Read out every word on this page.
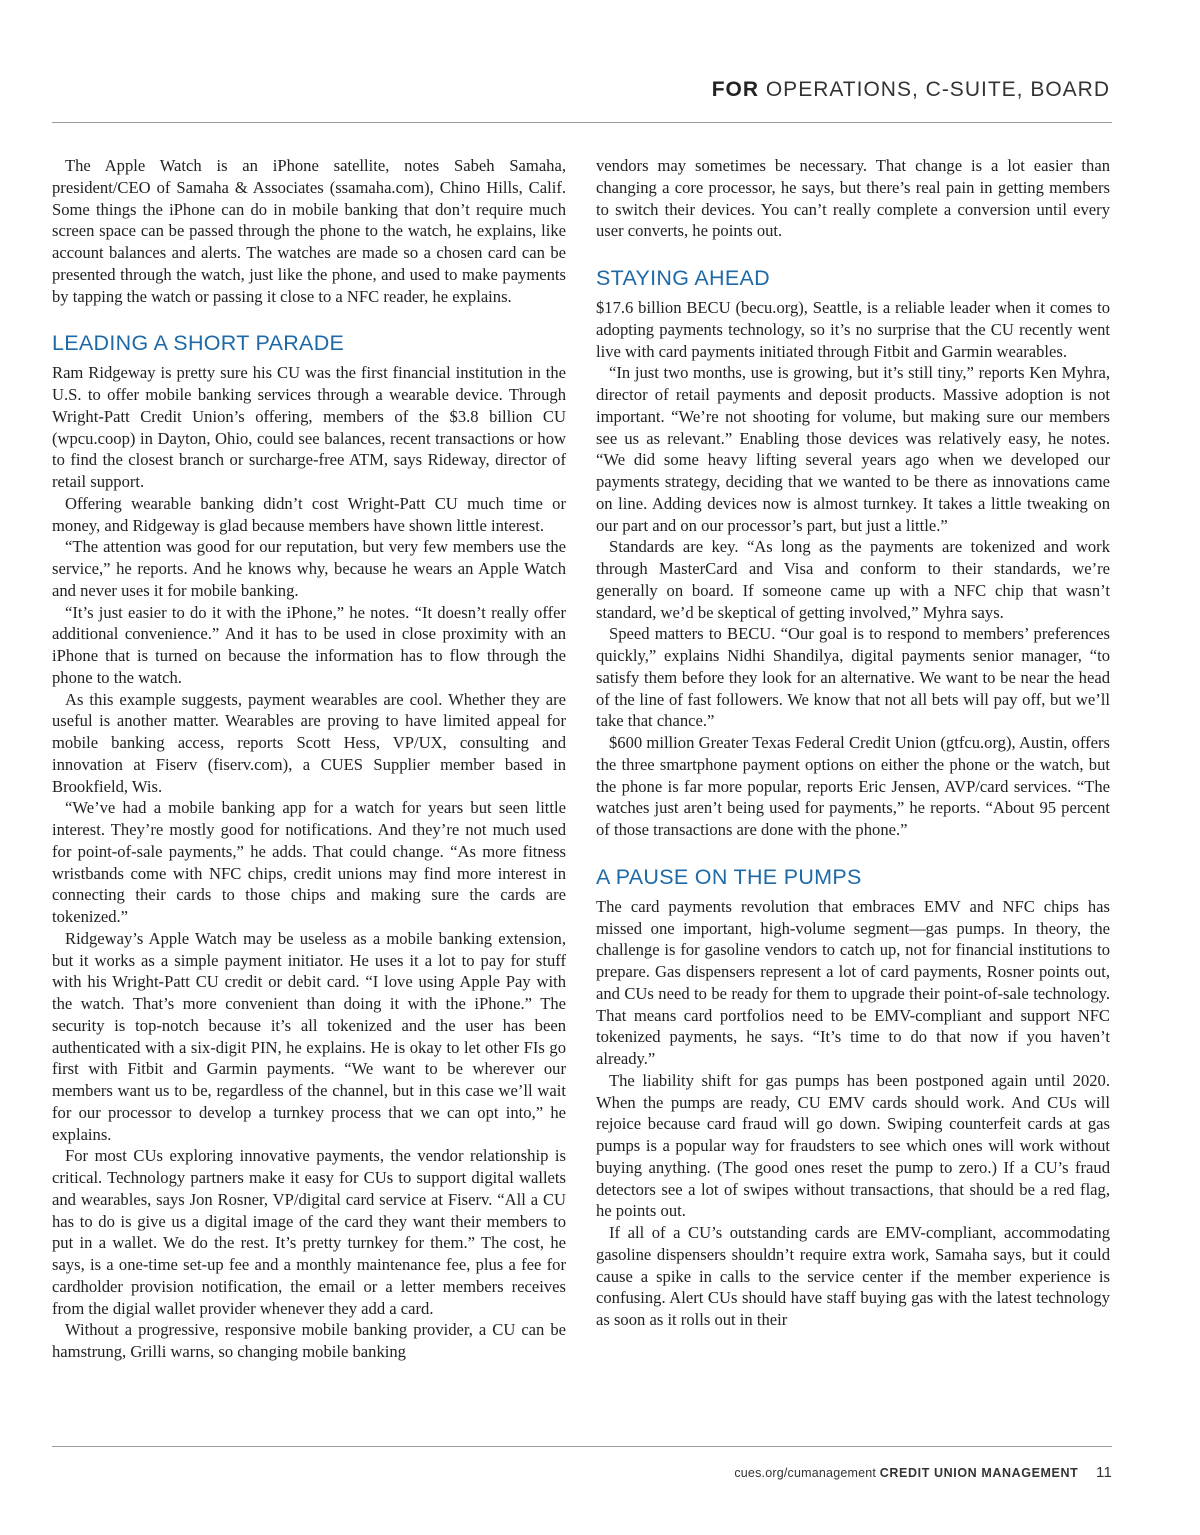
FOR OPERATIONS, C-SUITE, BOARD

The Apple Watch is an iPhone satellite, notes Sabeh Samaha, president/CEO of Samaha & Associates (ssamaha.com), Chino Hills, Calif. Some things the iPhone can do in mobile banking that don’t require much screen space can be passed through the phone to the watch, he explains, like account balances and alerts. The watches are made so a chosen card can be presented through the watch, just like the phone, and used to make payments by tapping the watch or passing it close to a NFC reader, he explains.

LEADING A SHORT PARADE

Ram Ridgeway is pretty sure his CU was the first financial institution in the U.S. to offer mobile banking services through a wearable device. Through Wright-Patt Credit Union’s offering, members of the $3.8 billion CU (wpcu.coop) in Dayton, Ohio, could see balances, recent transactions or how to find the closest branch or surcharge-free ATM, says Rideway, director of retail support.

Offering wearable banking didn’t cost Wright-Patt CU much time or money, and Ridgeway is glad because members have shown little interest.

“The attention was good for our reputation, but very few members use the service,” he reports. And he knows why, because he wears an Apple Watch and never uses it for mobile banking.

“It’s just easier to do it with the iPhone,” he notes. “It doesn’t really offer additional convenience.” And it has to be used in close proximity with an iPhone that is turned on because the information has to flow through the phone to the watch.

As this example suggests, payment wearables are cool. Whether they are useful is another matter. Wearables are proving to have limited appeal for mobile banking access, reports Scott Hess, VP/UX, consulting and innovation at Fiserv (fiserv.com), a CUES Supplier member based in Brookfield, Wis.

“We’ve had a mobile banking app for a watch for years but seen little interest. They’re mostly good for notifications. And they’re not much used for point-of-sale payments,” he adds. That could change. “As more fitness wristbands come with NFC chips, credit unions may find more interest in connecting their cards to those chips and making sure the cards are tokenized.”

Ridgeway’s Apple Watch may be useless as a mobile banking extension, but it works as a simple payment initiator. He uses it a lot to pay for stuff with his Wright-Patt CU credit or debit card. “I love using Apple Pay with the watch. That’s more convenient than doing it with the iPhone.” The security is top-notch because it’s all tokenized and the user has been authenticated with a six-digit PIN, he explains. He is okay to let other FIs go first with Fitbit and Garmin payments. “We want to be wherever our members want us to be, regardless of the channel, but in this case we’ll wait for our processor to develop a turnkey process that we can opt into,” he explains.

For most CUs exploring innovative payments, the vendor relationship is critical. Technology partners make it easy for CUs to support digital wallets and wearables, says Jon Rosner, VP/digital card service at Fiserv. “All a CU has to do is give us a digital image of the card they want their members to put in a wallet. We do the rest. It’s pretty turnkey for them.” The cost, he says, is a one-time set-up fee and a monthly maintenance fee, plus a fee for cardholder provision notification, the email or a letter members receives from the digial wallet provider whenever they add a card.

Without a progressive, responsive mobile banking provider, a CU can be hamstrung, Grilli warns, so changing mobile banking

vendors may sometimes be necessary. That change is a lot easier than changing a core processor, he says, but there’s real pain in getting members to switch their devices. You can’t really complete a conversion until every user converts, he points out.

STAYING AHEAD

$17.6 billion BECU (becu.org), Seattle, is a reliable leader when it comes to adopting payments technology, so it’s no surprise that the CU recently went live with card payments initiated through Fitbit and Garmin wearables.

“In just two months, use is growing, but it’s still tiny,” reports Ken Myhra, director of retail payments and deposit products. Massive adoption is not important. “We’re not shooting for volume, but making sure our members see us as relevant.” Enabling those devices was relatively easy, he notes. “We did some heavy lifting several years ago when we developed our payments strategy, deciding that we wanted to be there as innovations came on line. Adding devices now is almost turnkey. It takes a little tweaking on our part and on our processor’s part, but just a little.”

Standards are key. “As long as the payments are tokenized and work through MasterCard and Visa and conform to their standards, we’re generally on board. If someone came up with a NFC chip that wasn’t standard, we’d be skeptical of getting involved,” Myhra says.

Speed matters to BECU. “Our goal is to respond to members’ preferences quickly,” explains Nidhi Shandilya, digital payments senior manager, “to satisfy them before they look for an alternative. We want to be near the head of the line of fast followers. We know that not all bets will pay off, but we’ll take that chance.”

$600 million Greater Texas Federal Credit Union (gtfcu.org), Austin, offers the three smartphone payment options on either the phone or the watch, but the phone is far more popular, reports Eric Jensen, AVP/card services. “The watches just aren’t being used for payments,” he reports. “About 95 percent of those transactions are done with the phone.”

A PAUSE ON THE PUMPS

The card payments revolution that embraces EMV and NFC chips has missed one important, high-volume segment—gas pumps. In theory, the challenge is for gasoline vendors to catch up, not for financial institutions to prepare. Gas dispensers represent a lot of card payments, Rosner points out, and CUs need to be ready for them to upgrade their point-of-sale technology. That means card portfolios need to be EMV-compliant and support NFC tokenized payments, he says. “It’s time to do that now if you haven’t already.”

The liability shift for gas pumps has been postponed again until 2020. When the pumps are ready, CU EMV cards should work. And CUs will rejoice because card fraud will go down. Swiping counterfeit cards at gas pumps is a popular way for fraudsters to see which ones will work without buying anything. (The good ones reset the pump to zero.) If a CU’s fraud detectors see a lot of swipes without transactions, that should be a red flag, he points out.

If all of a CU’s outstanding cards are EMV-compliant, accommodating gasoline dispensers shouldn’t require extra work, Samaha says, but it could cause a spike in calls to the service center if the member experience is confusing. Alert CUs should have staff buying gas with the latest technology as soon as it rolls out in their

cues.org/cumanagement CREDIT UNION MANAGEMENT 11
